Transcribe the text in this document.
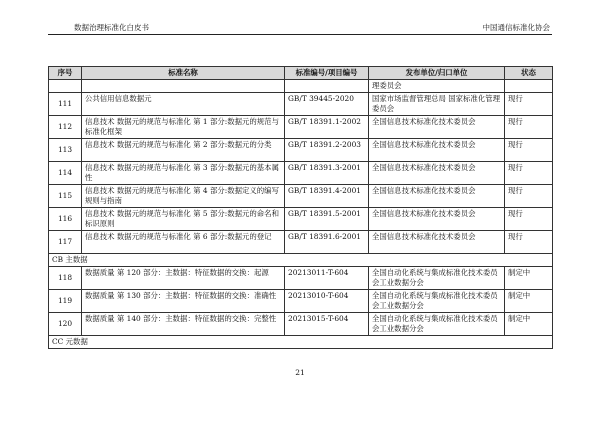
数据治理标准化白皮书	中国通信标准化协会
序号	标准名称	标准编号/项目编号	发布单位/归口单位	状态
			理委员会	
111	公共信用信息数据元	GB/T 39445-2020	国家市场监督管理总局 国家标准化管理委员会	现行
112	信息技术 数据元的规范与标准化 第 1 部分:数据元的规范与标准化框架	GB/T 18391.1-2002	全国信息技术标准化技术委员会	现行
113	信息技术 数据元的规范与标准化 第 2 部分:数据元的分类	GB/T 18391.2-2003	全国信息技术标准化技术委员会	现行
114	信息技术 数据元的规范与标准化 第 3 部分:数据元的基本属性	GB/T 18391.3-2001	全国信息技术标准化技术委员会	现行
115	信息技术 数据元的规范与标准化 第 4 部分:数据定义的编写规则与指南	GB/T 18391.4-2001	全国信息技术标准化技术委员会	现行
116	信息技术 数据元的规范与标准化 第 5 部分:数据元的命名和标识原则	GB/T 18391.5-2001	全国信息技术标准化技术委员会	现行
117	信息技术 数据元的规范与标准化 第 6 部分:数据元的登记	GB/T 18391.6-2001	全国信息技术标准化技术委员会	现行
CB 主数据				
118	数据质量 第 120 部分：主数据：特征数据的交换：起源	20213011-T-604	全国自动化系统与集成标准化技术委员会工业数据分会	制定中
119	数据质量 第 130 部分：主数据：特征数据的交换：准确性	20213010-T-604	全国自动化系统与集成标准化技术委员会工业数据分会	制定中
120	数据质量 第 140 部分：主数据：特征数据的交换：完整性	20213015-T-604	全国自动化系统与集成标准化技术委员会工业数据分会	制定中
CC 元数据				
21
